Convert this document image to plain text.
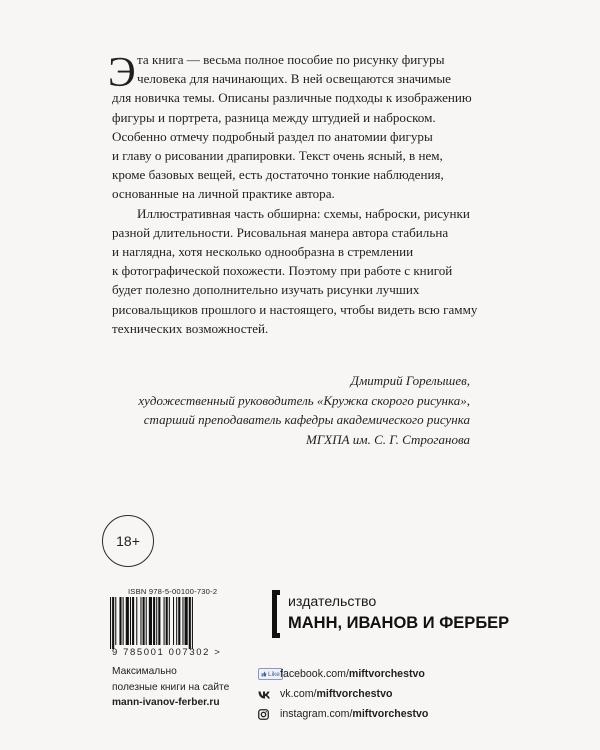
Э та книга — весьма полное пособие по рисунку фигуры
человека для начинающих. В ней освещаются значимые
для новичка темы. Описаны различные подходы к изображению
фигуры и портрета, разница между штудией и наброском.
Особенно отмечу подробный раздел по анатомии фигуры
и главу о рисовании драпировки. Текст очень ясный, в нем,
кроме базовых вещей, есть достаточно тонкие наблюдения,
основанные на личной практике автора.

Иллюстративная часть обширна: схемы, наброски, рисунки
разной длительности. Рисовальная манера автора стабильна
и наглядна, хотя несколько однообразна в стремлении
к фотографической похожести. Поэтому при работе с книгой
будет полезно дополнительно изучать рисунки лучших
рисовальщиков прошлого и настоящего, чтобы видеть всю гамму
технических возможностей.

Дмитрий Горелышев,
художественный руководитель «Кружка скорого рисунка»,
старший преподаватель кафедры академического рисунка
МГХПА им. С. Г. Строганова
18+
ISBN 978-5-00100-730-2
9 785001 007302 >
Максимально
полезные книги на сайте
mann-ivanov-ferber.ru
издательство
МАНН, ИВАНОВ И ФЕРБЕР
Like facebook.com/ miftvorchestvo
vk.com/ miftvorchestvo
instagram.com/ miftvorchestvo
